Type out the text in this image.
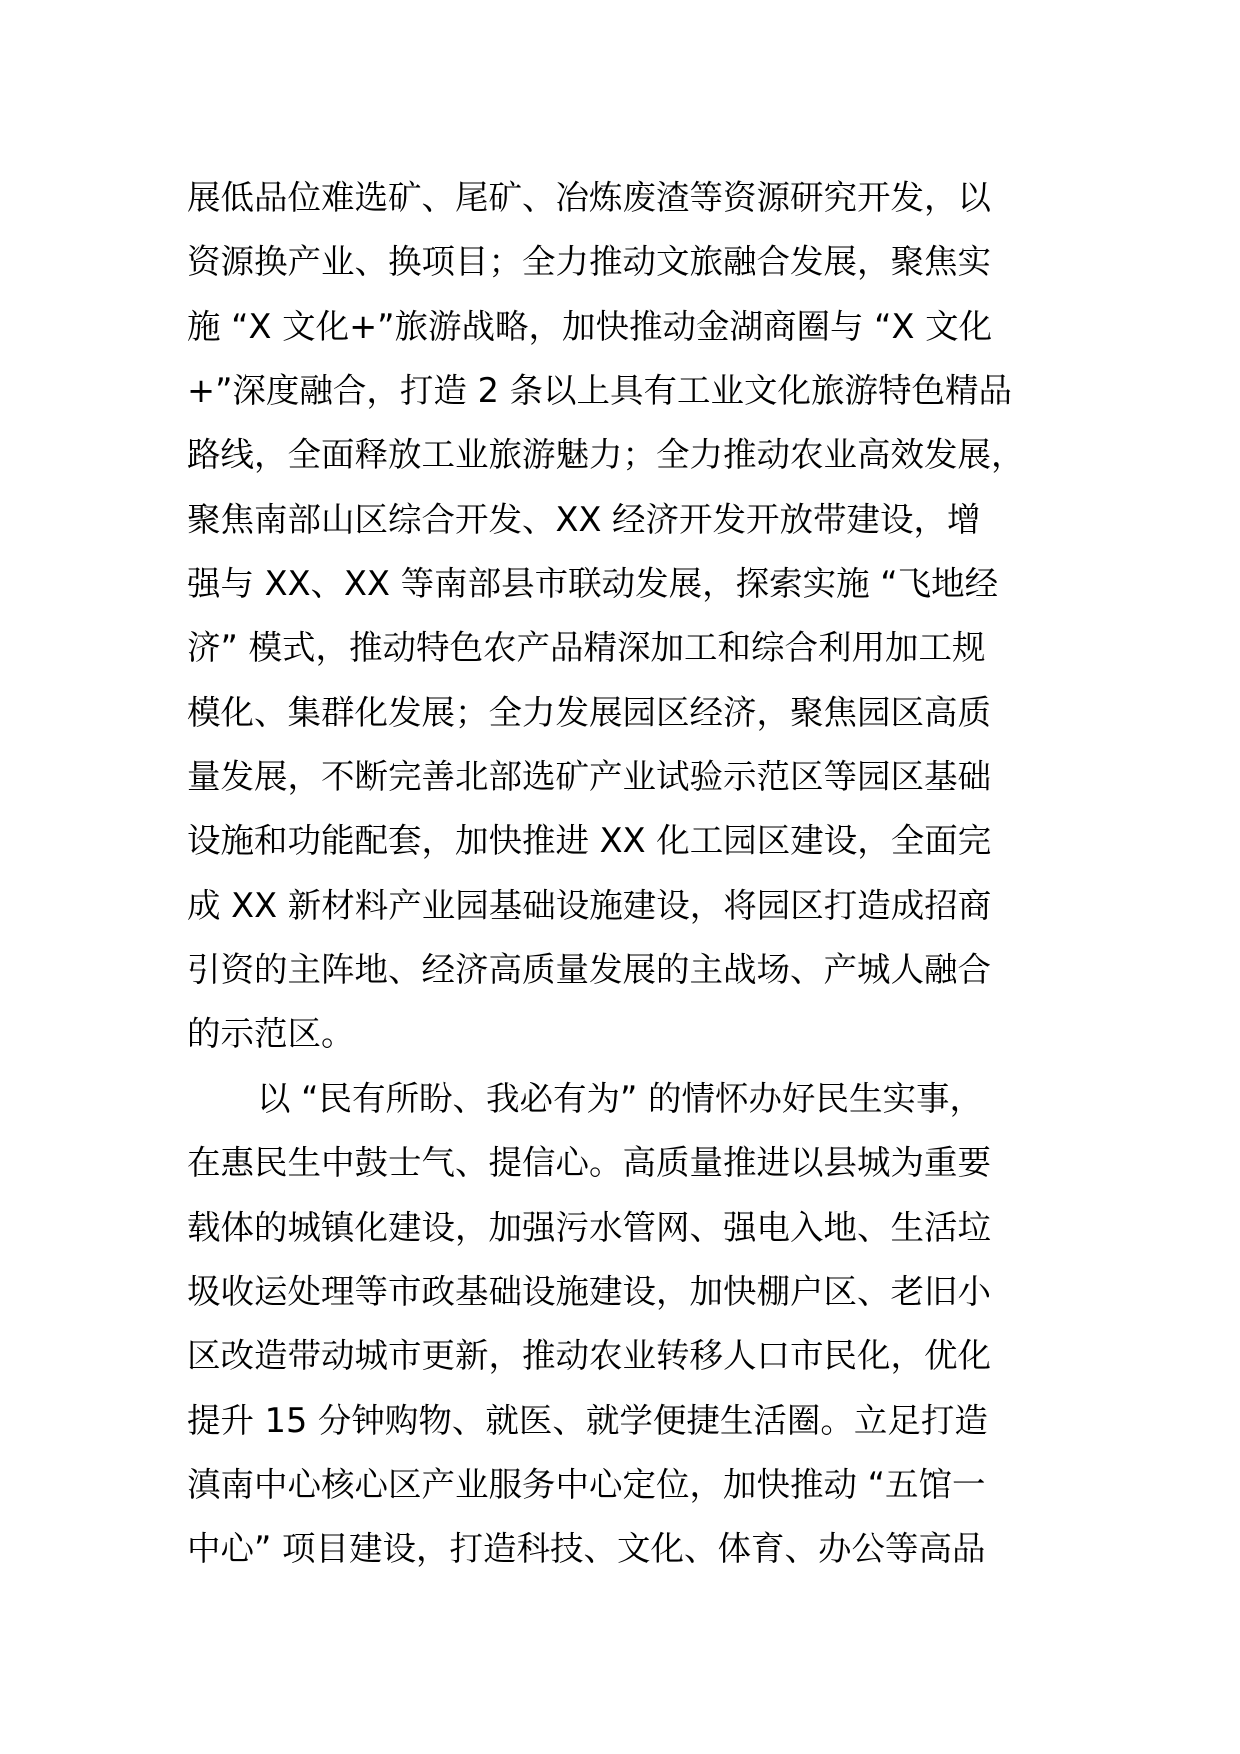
展低品位难选矿、尾矿、冶炼废渣等资源研究开发，以
资源换产业、换项目；全力推动文旅融合发展，聚焦实
施 “X 文化+”旅游战略，加快推动金湖商圈与 “X 文化
+”深度融合，打造 2 条以上具有工业文化旅游特色精品
路线，全面释放工业旅游魅力；全力推动农业高效发展，
聚焦南部山区综合开发、XX 经济开发开放带建设，增
强与 XX、XX 等南部县市联动发展，探索实施 “飞地经
济” 模式，推动特色农产品精深加工和综合利用加工规
模化、集群化发展；全力发展园区经济，聚焦园区高质
量发展，不断完善北部选矿产业试验示范区等园区基础
设施和功能配套，加快推进 XX 化工园区建设，全面完
成 XX 新材料产业园基础设施建设，将园区打造成招商
引资的主阵地、经济高质量发展的主战场、产城人融合
的示范区。
以 “民有所盼、我必有为” 的情怀办好民生实事，
在惠民生中鼓士气、提信心。高质量推进以县城为重要
载体的城镇化建设，加强污水管网、强电入地、生活垃
圾收运处理等市政基础设施建设，加快棚户区、老旧小
区改造带动城市更新，推动农业转移人口市民化，优化
提升 15 分钟购物、就医、就学便捷生活圈。立足打造
滇南中心核心区产业服务中心定位，加快推动 “五馆一
中心” 项目建设，打造科技、文化、体育、办公等高品
